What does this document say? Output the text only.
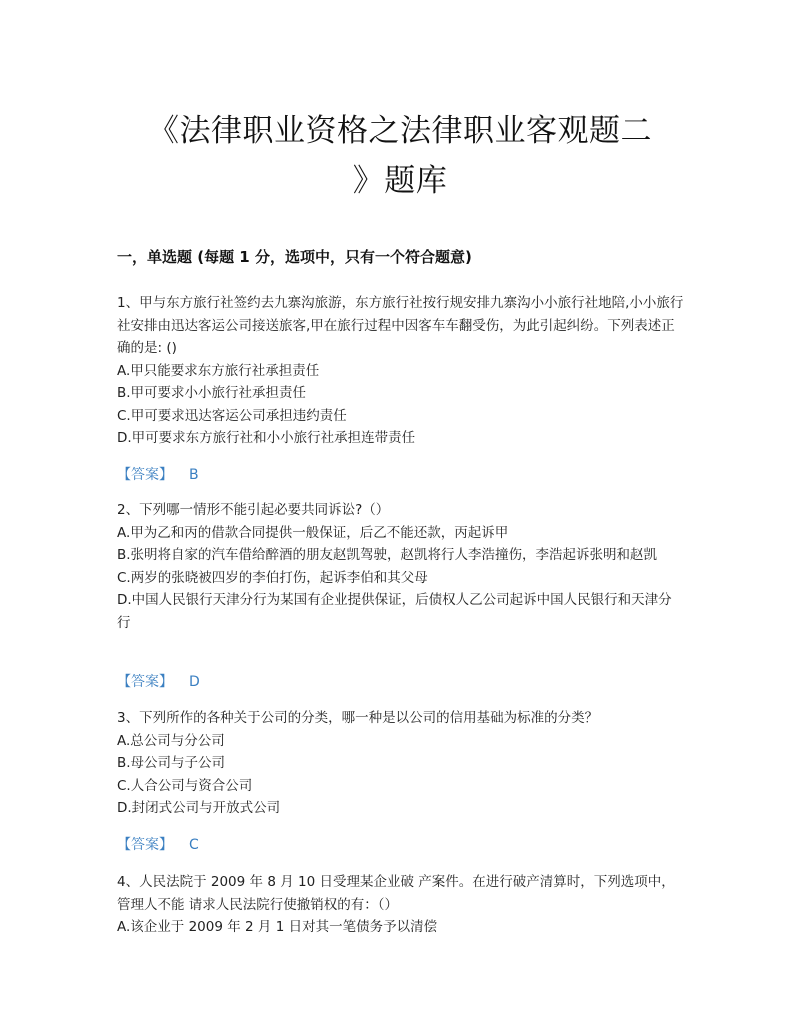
《法律职业资格之法律职业客观题二
》题库
一，单选题 (每题 1 分，选项中，只有一个符合题意)

1、甲与东方旅行社签约去九寨沟旅游，东方旅行社按行规安排九寨沟小小旅行社地陪,小小旅行社安排由迅达客运公司接送旅客,甲在旅行过程中因客车车翻受伤，为此引起纠纷。下列表述正确的是: ()

A.甲只能要求东方旅行社承担责任

B.甲可要求小小旅行社承担责任

C.甲可要求迅达客运公司承担违约责任

D.甲可要求东方旅行社和小小旅行社承担连带责任

【答案】 B

2、下列哪一情形不能引起必要共同诉讼?（）

A.甲为乙和丙的借款合同提供一般保证，后乙不能还款，丙起诉甲

B.张明将自家的汽车借给醉酒的朋友赵凯驾驶，赵凯将行人李浩撞伤，李浩起诉张明和赵凯

C.两岁的张晓被四岁的李伯打伤，起诉李伯和其父母

D.中国人民银行天津分行为某国有企业提供保证，后债权人乙公司起诉中国人民银行和天津分行

【答案】 D

3、下列所作的各种关于公司的分类，哪一种是以公司的信用基础为标准的分类？

A.总公司与分公司

B.母公司与子公司

C.人合公司与资合公司

D.封闭式公司与开放式公司

【答案】 C

4、人民法院于 2009 年 8 月 10 日受理某企业破 产案件。在进行破产清算时，下列选项中，管理人不能 请求人民法院行使撤销权的有：（）

A.该企业于 2009 年 2 月 1 日对其一笔债务予以清偿
